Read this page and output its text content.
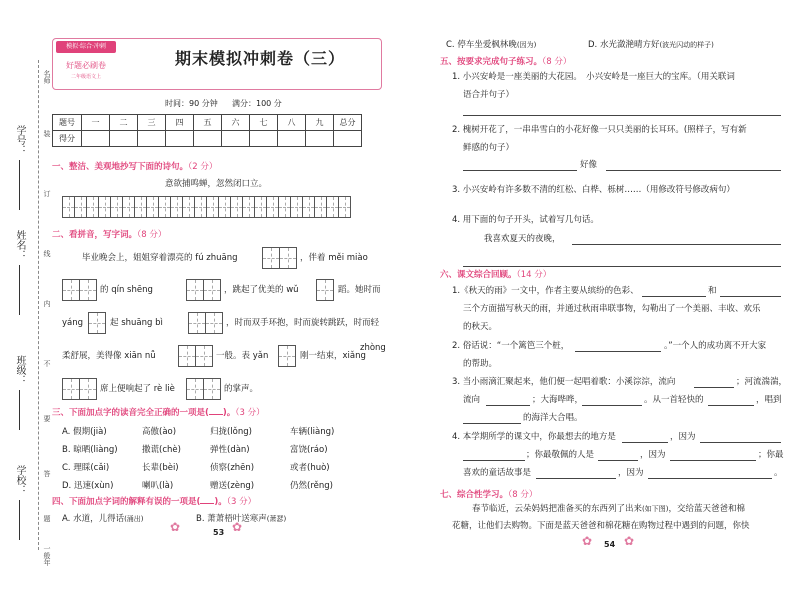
学号：
姓名：
班级：
学校：
名师
装
订
线
内
不
要
答
题
一般年
模拟·综合·冲刺
好题必刷卷
二年级语文上
期末模拟冲刺卷（三）
时间：90 分钟 满分：100 分
题号	一	二	三	四	五	六	七	八	九	总分
得分										
一、整洁、美观地抄写下面的诗句。（2 分）
意欲捕鸣蝉，忽然闭口立。
二、看拼音，写字词。（8 分）
毕业晚会上，姐姐穿着漂亮的 fú zhuāng	，伴着 měi miào
的 qín shēng	，跳起了优美的 wǔ	蹈。她时而
yáng	起 shuāng bì	，时而双手环抱，时而旋转跳跃，时而轻
柔舒展，美得像 xiān nǚ	一般。表 yǎn	刚一结束，xiǎng
zhòng
席上便响起了 rè liè	的掌声。
三、下面加点字的读音完全正确的一项是( )。（3 分）
A. 假期(jià)	高傲(ào)	归拢(lǒng)	车辆(liàng)
B. 晾晒(liàng)	撒谎(chè)	弹性(dàn)	富饶(ráo)
C. 理睬(cǎi)	长辈(bèi)	侦察(zhēn)	或者(huò)
D. 迅速(xùn)	喇叭(là)	赠送(zèng)	仍然(rěng)
四、下面加点字词的解释有误的一项是( )。（3 分）
A. 水道，儿得话(涌出)	B. 萧萧梧叶送寒声(萧瑟)
✿	53 ✿
C. 停车坐爱枫林晚(因为)	D. 水光潋滟晴方好(波光闪动的样子)
五、按要求完成句子练习。（8 分）
1. 小兴安岭是一座美丽的大花园。　小兴安岭是一座巨大的宝库。（用关联词
语合并句子）
2. 槐树开花了，一串串雪白的小花好像一只只美丽的长耳环。(照样子，写有新
鲜感的句子）
好像
3. 小兴安岭有许多数不清的红松、白桦、栎树……（用修改符号修改病句）
4. 用下面的句子开头，试着写几句话。
我喜欢夏天的夜晚，
六、课文综合回顾。（14 分）
1.《秋天的雨》一文中，作者主要从缤纷的色彩、	和
三个方面描写秋天的雨，并通过秋雨串联事物，勾勒出了一个美丽、丰收、欢乐
的秋天。
2. 俗话说：“一个篱笆三个桩，	。”一个人的成功离不开大家
的帮助。
3. 当小雨滴汇聚起来，他们便一起唱着歌：小溪淙淙，流向	；河流湍湍，
流向	；大海哗哗，	。从一首轻快的	，唱到
的海洋大合唱。
4. 本学期所学的课文中，你最想去的地方是	，因为
；你最敬佩的人是	，因为	；你最
喜欢的童话故事是	，因为	。
七、综合性学习。（8 分）
春节临近，云朵妈妈把准备买的东西列了出来(如下图)，交给蓝天爸爸和棉
花糖，让他们去购物。下面是蓝天爸爸和棉花糖在购物过程中遇到的问题，你快
✿ 54 ✿
